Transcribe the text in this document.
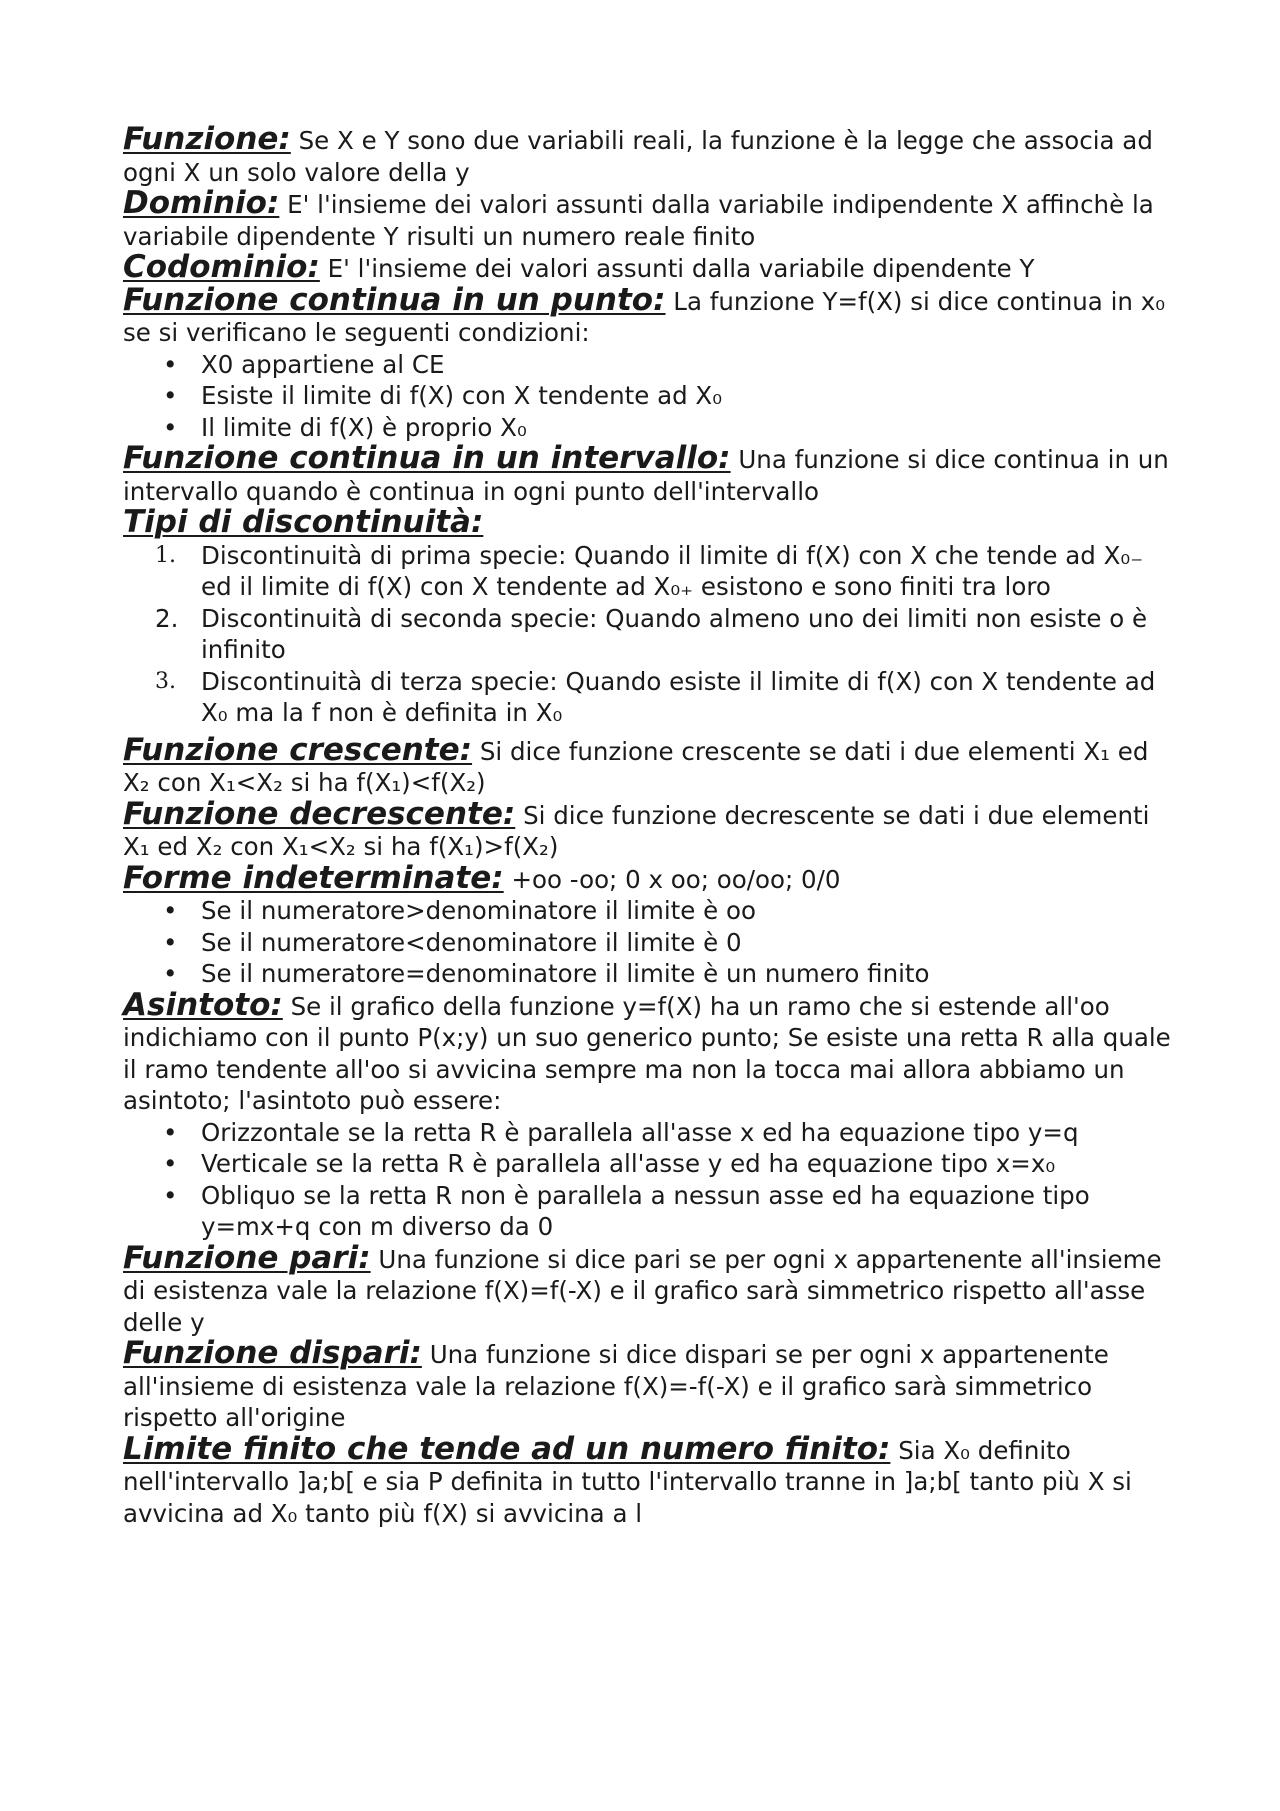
Funzione: Se X e Y sono due variabili reali, la funzione è la legge che associa ad ogni X un solo valore della y

Dominio: E' l'insieme dei valori assunti dalla variabile indipendente X affinchè la variabile dipendente Y risulti un numero reale finito

Codominio: E' l'insieme dei valori assunti dalla variabile dipendente Y

Funzione continua in un punto: La funzione Y=f(X) si dice continua in x₀ se si verificano le seguenti condizioni:

• X0 appartiene al CE
• Esiste il limite di f(X) con X tendente ad X₀
• Il limite di f(X) è proprio X₀

Funzione continua in un intervallo: Una funzione si dice continua in un intervallo quando è continua in ogni punto dell'intervallo

Tipi di discontinuità:

1.	Discontinuità di prima specie: Quando il limite di f(X) con X che tende ad X₀₋ ed il limite di f(X) con X tendente ad X₀₊ esistono e sono finiti tra loro
2. Discontinuità di seconda specie: Quando almeno uno dei limiti non esiste o è infinito
3.	Discontinuità di terza specie: Quando esiste il limite di f(X) con X tendente ad X₀ ma la f non è definita in X₀

Funzione crescente: Si dice funzione crescente se dati i due elementi X₁ ed X₂ con X₁<X₂ si ha f(X₁)<f(X₂)

Funzione decrescente: Si dice funzione decrescente se dati i due elementi X₁ ed X₂ con X₁<X₂ si ha f(X₁)>f(X₂)

Forme indeterminate: +oo -oo; 0 x oo; oo/oo; 0/0

• Se il numeratore>denominatore il limite è oo
• Se il numeratore<denominatore il limite è 0
• Se il numeratore=denominatore il limite è un numero finito

Asintoto: Se il grafico della funzione y=f(X) ha un ramo che si estende all'oo indichiamo con il punto P(x;y) un suo generico punto; Se esiste una retta R alla quale il ramo tendente all'oo si avvicina sempre ma non la tocca mai allora abbiamo un asintoto; l'asintoto può essere:

• Orizzontale se la retta R è parallela all'asse x ed ha equazione tipo y=q
• Verticale se la retta R è parallela all'asse y ed ha equazione tipo x=x₀
• Obliquo se la retta R non è parallela a nessun asse ed ha equazione tipo y=mx+q con m diverso da 0

Funzione pari: Una funzione si dice pari se per ogni x appartenente all'insieme di esistenza vale la relazione f(X)=f(-X) e il grafico sarà simmetrico rispetto all'asse delle y

Funzione dispari: Una funzione si dice dispari se per ogni x appartenente all'insieme di esistenza vale la relazione f(X)=-f(-X) e il grafico sarà simmetrico rispetto all'origine

Limite finito che tende ad un numero finito: Sia X₀ definito nell'intervallo ]a;b[ e sia P definita in tutto l'intervallo tranne in ]a;b[ tanto più X si avvicina ad X₀ tanto più f(X) si avvicina a l
